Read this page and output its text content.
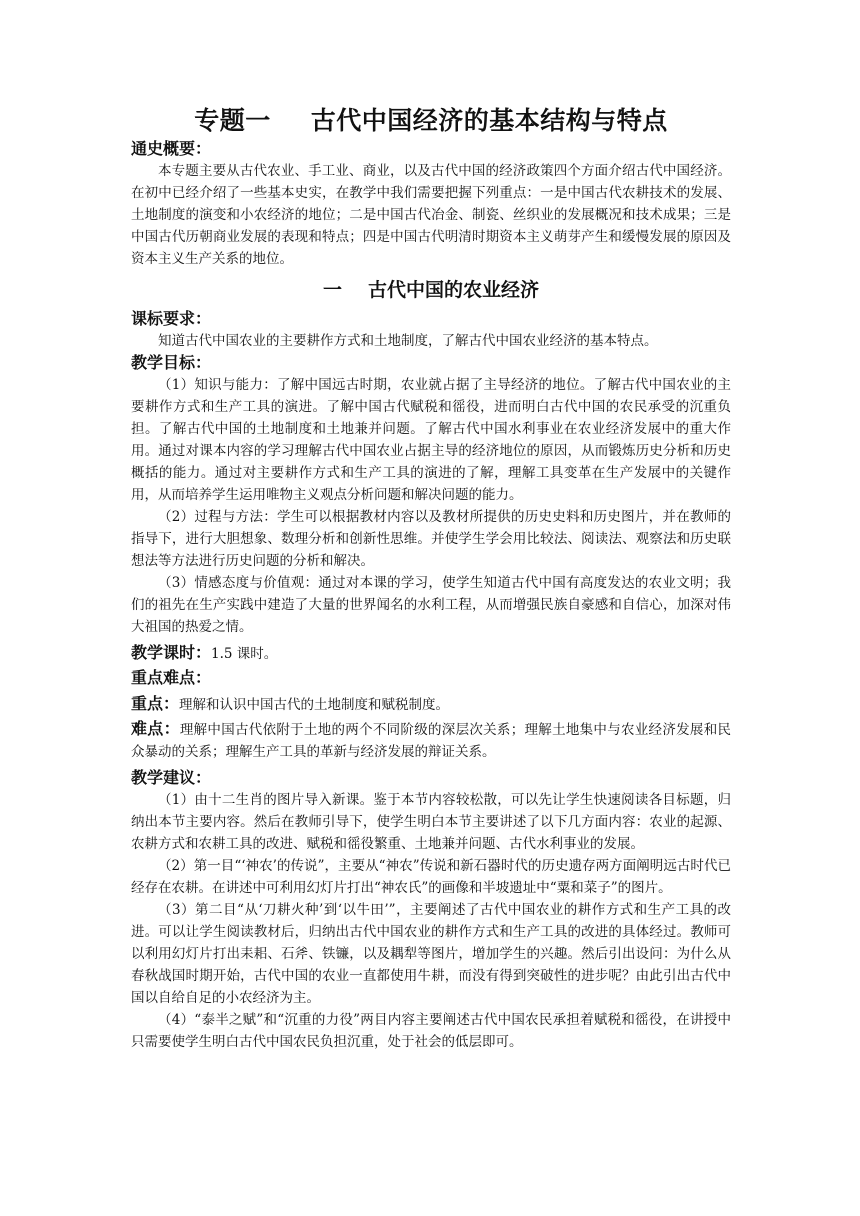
专题一 古代中国经济的基本结构与特点
通史概要：

本专题主要从古代农业、手工业、商业，以及古代中国的经济政策四个方面介绍古代中国经济。在初中已经介绍了一些基本史实，在教学中我们需要把握下列重点：一是中国古代农耕技术的发展、土地制度的演变和小农经济的地位；二是中国古代冶金、制瓷、丝织业的发展概况和技术成果；三是中国古代历朝商业发展的表现和特点；四是中国古代明清时期资本主义萌芽产生和缓慢发展的原因及资本主义生产关系的地位。

一 古代中国的农业经济
课标要求：

知道古代中国农业的主要耕作方式和土地制度，了解古代中国农业经济的基本特点。

教学目标：

（1）知识与能力：了解中国远古时期，农业就占据了主导经济的地位。了解古代中国农业的主要耕作方式和生产工具的演进。了解中国古代赋税和徭役，进而明白古代中国的农民承受的沉重负担。了解古代中国的土地制度和土地兼并问题。了解古代中国水利事业在农业经济发展中的重大作用。通过对课本内容的学习理解古代中国农业占据主导的经济地位的原因，从而锻炼历史分析和历史概括的能力。通过对主要耕作方式和生产工具的演进的了解，理解工具变革在生产发展中的关键作用，从而培养学生运用唯物主义观点分析问题和解决问题的能力。

（2）过程与方法：学生可以根据教材内容以及教材所提供的历史史料和历史图片，并在教师的指导下，进行大胆想象、数理分析和创新性思维。并使学生学会用比较法、阅读法、观察法和历史联想法等方法进行历史问题的分析和解决。

（3）情感态度与价值观：通过对本课的学习，使学生知道古代中国有高度发达的农业文明；我们的祖先在生产实践中建造了大量的世界闻名的水利工程，从而增强民族自豪感和自信心，加深对伟大祖国的热爱之情。

教学课时：1.5 课时。
重点难点：
重点：理解和认识中国古代的土地制度和赋税制度。

难点：理解中国古代依附于土地的两个不同阶级的深层次关系；理解土地集中与农业经济发展和民众暴动的关系；理解生产工具的革新与经济发展的辩证关系。

教学建议：

（1）由十二生肖的图片导入新课。鉴于本节内容较松散，可以先让学生快速阅读各目标题，归纳出本节主要内容。然后在教师引导下，使学生明白本节主要讲述了以下几方面内容：农业的起源、农耕方式和农耕工具的改进、赋税和徭役繁重、土地兼并问题、古代水利事业的发展。

（2）第一目“‘神农’的传说”，主要从“神农”传说和新石器时代的历史遗存两方面阐明远古时代已经存在农耕。在讲述中可利用幻灯片打出“神农氏”的画像和半坡遗址中“粟和菜子”的图片。

（3）第二目“从‘刀耕火种’到‘以牛田’”，主要阐述了古代中国农业的耕作方式和生产工具的改进。可以让学生阅读教材后，归纳出古代中国农业的耕作方式和生产工具的改进的具体经过。教师可以利用幻灯片打出耒耜、石斧、铁镰，以及耦犁等图片，增加学生的兴趣。然后引出设问：为什么从春秋战国时期开始，古代中国的农业一直都使用牛耕，而没有得到突破性的进步呢？由此引出古代中国以自给自足的小农经济为主。

（4）“泰半之赋”和“沉重的力役”两目内容主要阐述古代中国农民承担着赋税和徭役，在讲授中只需要使学生明白古代中国农民负担沉重，处于社会的低层即可。
